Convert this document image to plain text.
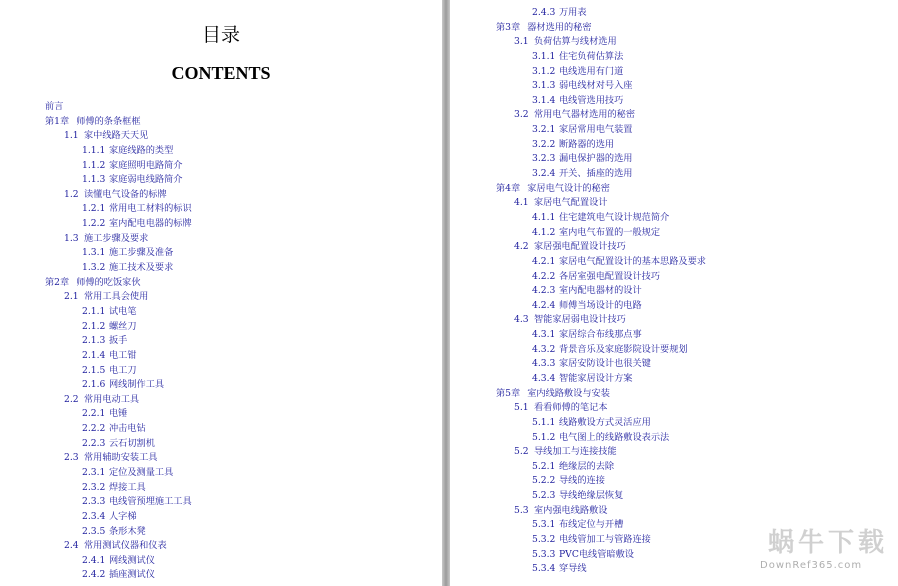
目录
CONTENTS
前言
第1章 师傅的条条框框
1.1 家中线路天天见
1.1.1 家庭线路的类型
1.1.2 家庭照明电路简介
1.1.3 家庭弱电线路简介
1.2 读懂电气设备的标牌
1.2.1 常用电工材料的标识
1.2.2 室内配电电器的标牌
1.3 施工步骤及要求
1.3.1 施工步骤及准备
1.3.2 施工技术及要求
第2章 师傅的吃饭家伙
2.1 常用工具会使用
2.1.1 试电笔
2.1.2 螺丝刀
2.1.3 扳手
2.1.4 电工钳
2.1.5 电工刀
2.1.6 网线制作工具
2.2 常用电动工具
2.2.1 电锤
2.2.2 冲击电钻
2.2.3 云石切割机
2.3 常用辅助安装工具
2.3.1 定位及测量工具
2.3.2 焊接工具
2.3.3 电线管预埋施工工具
2.3.4 人字梯
2.3.5 条形木凳
2.4 常用测试仪器和仪表
2.4.1 网线测试仪
2.4.2 插座测试仪
2.4.3 万用表
第3章 器材选用的秘密
3.1 负荷估算与线材选用
3.1.1 住宅负荷估算法
3.1.2 电线选用有门道
3.1.3 弱电线材对号入座
3.1.4 电线管选用技巧
3.2 常用电气器材选用的秘密
3.2.1 家居常用电气装置
3.2.2 断路器的选用
3.2.3 漏电保护器的选用
3.2.4 开关、插座的选用
第4章 家居电气设计的秘密
4.1 家居电气配置设计
4.1.1 住宅建筑电气设计规范简介
4.1.2 室内电气布置的一般规定
4.2 家居强电配置设计技巧
4.2.1 家居电气配置设计的基本思路及要求
4.2.2 各居室强电配置设计技巧
4.2.3 室内配电器材的设计
4.2.4 师傅当场设计的电路
4.3 智能家居弱电设计技巧
4.3.1 家居综合布线那点事
4.3.2 背景音乐及家庭影院设计要规划
4.3.3 家居安防设计也很关键
4.3.4 智能家居设计方案
第5章 室内线路敷设与安装
5.1 看看师傅的笔记本
5.1.1 线路敷设方式灵活应用
5.1.2 电气图上的线路敷设表示法
5.2 导线加工与连接技能
5.2.1 绝缘层的去除
5.2.2 导线的连接
5.2.3 导线绝缘层恢复
5.3 室内强电线路敷设
5.3.1 布线定位与开槽
5.3.2 电线管加工与管路连接
5.3.3 PVC电线管暗敷设
5.3.4 穿导线
蜗牛下载
DownRef365.com
